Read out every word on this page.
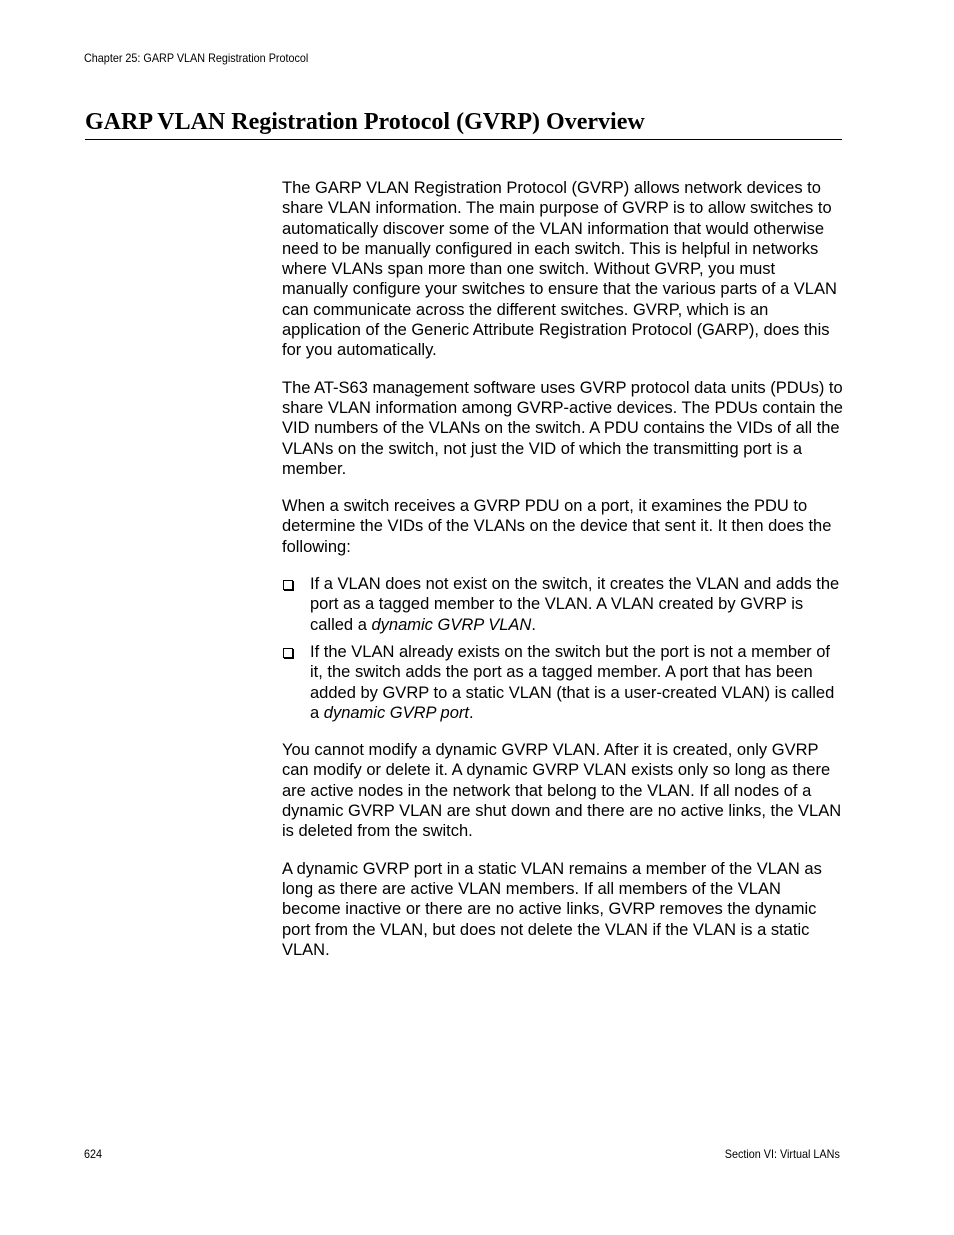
Chapter 25: GARP VLAN Registration Protocol
GARP VLAN Registration Protocol (GVRP) Overview

The GARP VLAN Registration Protocol (GVRP) allows network devices to share VLAN information. The main purpose of GVRP is to allow switches to automatically discover some of the VLAN information that would otherwise need to be manually configured in each switch. This is helpful in networks where VLANs span more than one switch. Without GVRP, you must manually configure your switches to ensure that the various parts of a VLAN can communicate across the different switches. GVRP, which is an application of the Generic Attribute Registration Protocol (GARP), does this for you automatically.

The AT-S63 management software uses GVRP protocol data units (PDUs) to share VLAN information among GVRP-active devices. The PDUs contain the VID numbers of the VLANs on the switch. A PDU contains the VIDs of all the VLANs on the switch, not just the VID of which the transmitting port is a member.

When a switch receives a GVRP PDU on a port, it examines the PDU to determine the VIDs of the VLANs on the device that sent it. It then does the following:

If a VLAN does not exist on the switch, it creates the VLAN and adds the port as a tagged member to the VLAN. A VLAN created by GVRP is called a dynamic GVRP VLAN.
If the VLAN already exists on the switch but the port is not a member of it, the switch adds the port as a tagged member. A port that has been added by GVRP to a static VLAN (that is a user-created VLAN) is called a dynamic GVRP port.

You cannot modify a dynamic GVRP VLAN. After it is created, only GVRP can modify or delete it. A dynamic GVRP VLAN exists only so long as there are active nodes in the network that belong to the VLAN. If all nodes of a dynamic GVRP VLAN are shut down and there are no active links, the VLAN is deleted from the switch.

A dynamic GVRP port in a static VLAN remains a member of the VLAN as long as there are active VLAN members. If all members of the VLAN become inactive or there are no active links, GVRP removes the dynamic port from the VLAN, but does not delete the VLAN if the VLAN is a static VLAN.

624	Section VI: Virtual LANs
